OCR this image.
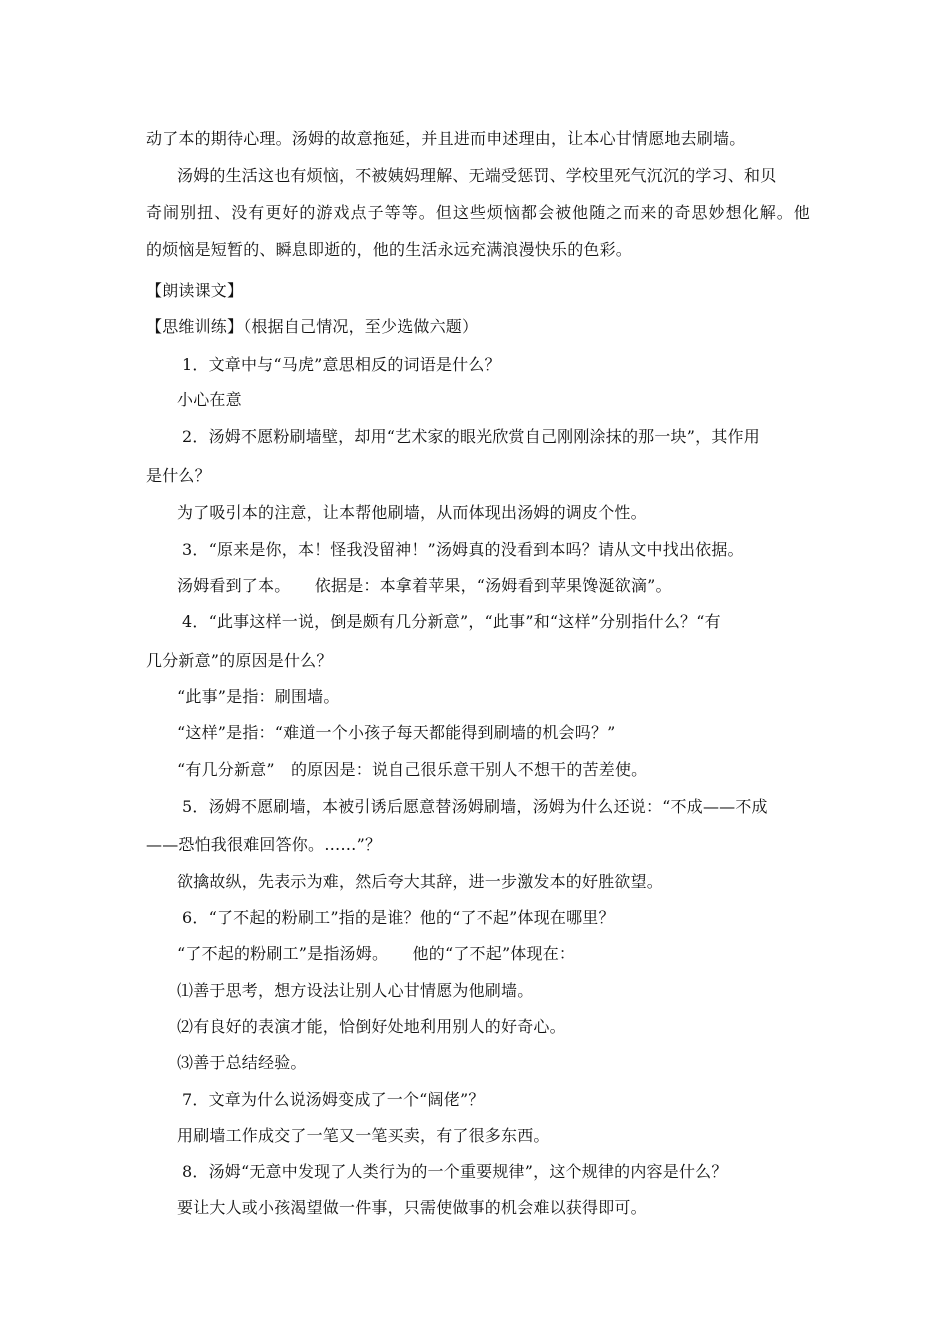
动了本的期待心理。汤姆的故意拖延，并且进而申述理由，让本心甘情愿地去刷墙。
汤姆的生活这也有烦恼，不被姨妈理解、无端受惩罚、学校里死气沉沉的学习、和贝
奇闹别扭、没有更好的游戏点子等等。但这些烦恼都会被他随之而来的奇思妙想化解。他
的烦恼是短暂的、瞬息即逝的，他的生活永远充满浪漫快乐的色彩。
【朗读课文】
【思维训练】（根据自己情况，至少选做六题）
1．文章中与“马虎”意思相反的词语是什么？
小心在意
2．汤姆不愿粉刷墙壁，却用“艺术家的眼光欣赏自己刚刚涂抹的那一块”，其作用
是什么？
为了吸引本的注意，让本帮他刷墙，从而体现出汤姆的调皮个性。
3．“原来是你，本！怪我没留神！”汤姆真的没看到本吗？请从文中找出依据。
汤姆看到了本。　　依据是：本拿着苹果，“汤姆看到苹果馋涎欲滴”。
4．“此事这样一说，倒是颇有几分新意”，“此事”和“这样”分别指什么？“有
几分新意”的原因是什么？
“此事”是指：刷围墙。
“这样”是指：“难道一个小孩子每天都能得到刷墙的机会吗？”
“有几分新意”　的原因是：说自己很乐意干别人不想干的苦差使。
5．汤姆不愿刷墙，本被引诱后愿意替汤姆刷墙，汤姆为什么还说：“不成——不成
——恐怕我很难回答你。……”？
欲擒故纵，先表示为难，然后夸大其辞，进一步激发本的好胜欲望。
6．“了不起的粉刷工”指的是谁？他的“了不起”体现在哪里？
“了不起的粉刷工”是指汤姆。　　他的“了不起”体现在：
⑴善于思考，想方设法让别人心甘情愿为他刷墙。
⑵有良好的表演才能，恰倒好处地利用别人的好奇心。
⑶善于总结经验。
7．文章为什么说汤姆变成了一个“阔佬”？
用刷墙工作成交了一笔又一笔买卖，有了很多东西。
8．汤姆“无意中发现了人类行为的一个重要规律”，这个规律的内容是什么？
要让大人或小孩渴望做一件事，只需使做事的机会难以获得即可。
